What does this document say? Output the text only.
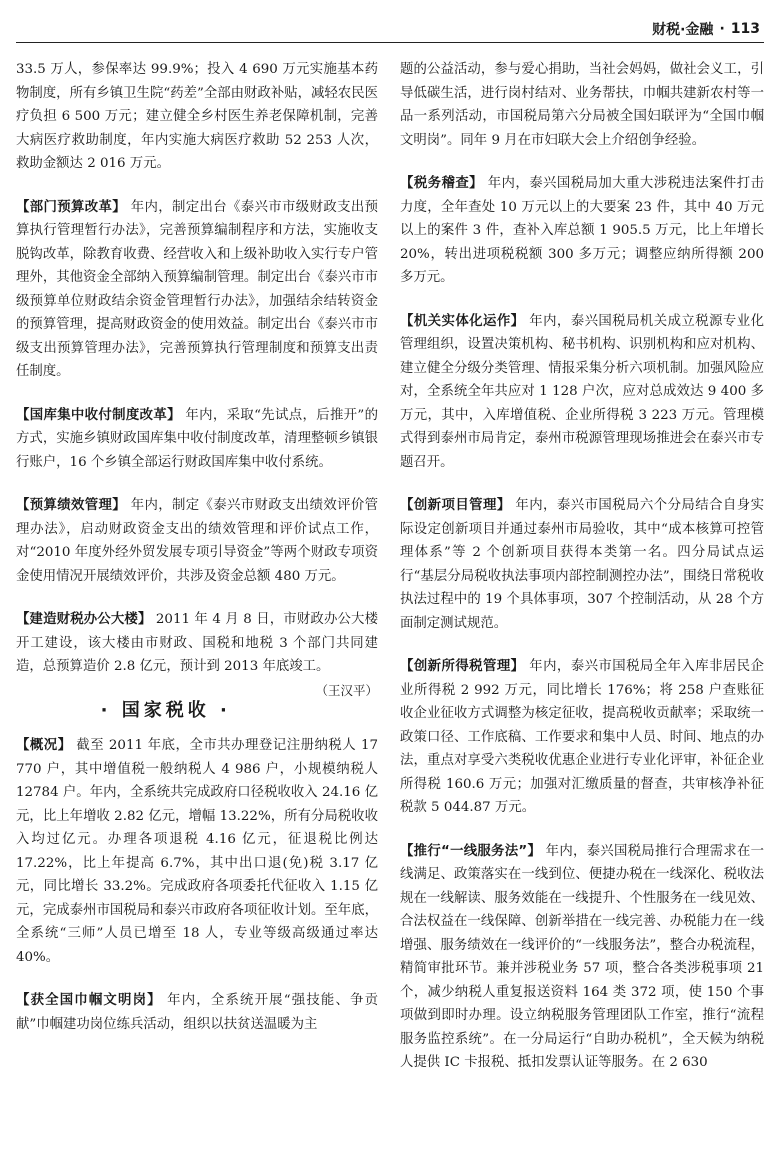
财税·金融 · 113

33.5 万人，参保率达 99.9%；投入 4 690 万元实施基本药物制度，所有乡镇卫生院“药差”全部由财政补贴，减轻农民医疗负担 6 500 万元；建立健全乡村医生养老保障机制，完善大病医疗救助制度，年内实施大病医疗救助 52 253 人次，救助金额达 2 016 万元。

【部门预算改革】 年内，制定出台《泰兴市市级财政支出预算执行管理暂行办法》，完善预算编制程序和方法，实施收支脱钩改革，除教育收费、经营收入和上级补助收入实行专户管理外，其他资金全部纳入预算编制管理。制定出台《泰兴市市级预算单位财政结余资金管理暂行办法》，加强结余结转资金的预算管理，提高财政资金的使用效益。制定出台《泰兴市市级支出预算管理办法》，完善预算执行管理制度和预算支出责任制度。

【国库集中收付制度改革】 年内，采取“先试点，后推开”的方式，实施乡镇财政国库集中收付制度改革，清理整顿乡镇银行账户，16 个乡镇全部运行财政国库集中收付系统。

【预算绩效管理】 年内，制定《泰兴市财政支出绩效评价管理办法》，启动财政资金支出的绩效管理和评价试点工作，对“2010 年度外经外贸发展专项引导资金”等两个财政专项资金使用情况开展绩效评价，共涉及资金总额 480 万元。

【建造财税办公大楼】 2011 年 4 月 8 日，市财政办公大楼开工建设，该大楼由市财政、国税和地税 3 个部门共同建造，总预算造价 2.8 亿元，预计到 2013 年底竣工。
（王汉平）

· 国家税收 ·

【概况】 截至 2011 年底，全市共办理登记注册纳税人 17 770 户，其中增值税一般纳税人 4 986 户，小规模纳税人 12784 户。年内，全系统共完成政府口径税收收入 24.16 亿元，比上年增收 2.82 亿元，增幅 13.22%，所有分局税收收入均过亿元。办理各项退税 4.16 亿元，征退税比例达 17.22%，比上年提高 6.7%，其中出口退(免)税 3.17 亿元，同比增长 33.2%。完成政府各项委托代征收入 1.15 亿元，完成泰州市国税局和泰兴市政府各项征收计划。至年底，全系统“三师”人员已增至 18 人，专业等级高级通过率达 40%。

【获全国巾帼文明岗】 年内，全系统开展“强技能、争贡献”巾帼建功岗位练兵活动，组织以扶贫送温暖为主

题的公益活动，参与爱心捐助，当社会妈妈，做社会义工，引导低碳生活，进行岗村结对、业务帮扶，巾帼共建新农村等一品一系列活动，市国税局第六分局被全国妇联评为“全国巾帼文明岗”。同年 9 月在市妇联大会上介绍创争经验。

【税务稽查】 年内，泰兴国税局加大重大涉税违法案件打击力度，全年查处 10 万元以上的大要案 23 件，其中 40 万元以上的案件 3 件，查补入库总额 1 905.5 万元，比上年增长 20%，转出进项税税额 300 多万元；调整应纳所得额 200 多万元。

【机关实体化运作】 年内，泰兴国税局机关成立税源专业化管理组织，设置决策机构、秘书机构、识别机构和应对机构、建立健全分级分类管理、情报采集分析六项机制。加强风险应对，全系统全年共应对 1 128 户次，应对总成效达 9 400 多万元，其中，入库增值税、企业所得税 3 223 万元。管理模式得到泰州市局肯定，泰州市税源管理现场推进会在泰兴市专题召开。

【创新项目管理】 年内，泰兴市国税局六个分局结合自身实际设定创新项目并通过泰州市局验收，其中“成本核算可控管理体系”等 2 个创新项目获得本类第一名。四分局试点运行“基层分局税收执法事项内部控制测控办法”，围绕日常税收执法过程中的 19 个具体事项，307 个控制活动，从 28 个方面制定测试规范。

【创新所得税管理】 年内，泰兴市国税局全年入库非居民企业所得税 2 992 万元，同比增长 176%；将 258 户查账征收企业征收方式调整为核定征收，提高税收贡献率；采取统一政策口径、工作底稿、工作要求和集中人员、时间、地点的办法，重点对享受六类税收优惠企业进行专业化评审，补征企业所得税 160.6 万元；加强对汇缴质量的督查，共审核净补征税款 5 044.87 万元。

【推行“一线服务法”】 年内，泰兴国税局推行合理需求在一线满足、政策落实在一线到位、便捷办税在一线深化、税收法规在一线解读、服务效能在一线提升、个性服务在一线见效、合法权益在一线保障、创新举措在一线完善、办税能力在一线增强、服务绩效在一线评价的“一线服务法”，整合办税流程，精简审批环节。兼并涉税业务 57 项，整合各类涉税事项 21 个，减少纳税人重复报送资料 164 类 372 项，使 150 个事项做到即时办理。设立纳税服务管理团队工作室，推行“流程服务监控系统”。在一分局运行“自助办税机”，全天候为纳税人提供 IC 卡报税、抵扣发票认证等服务。在 2 630
